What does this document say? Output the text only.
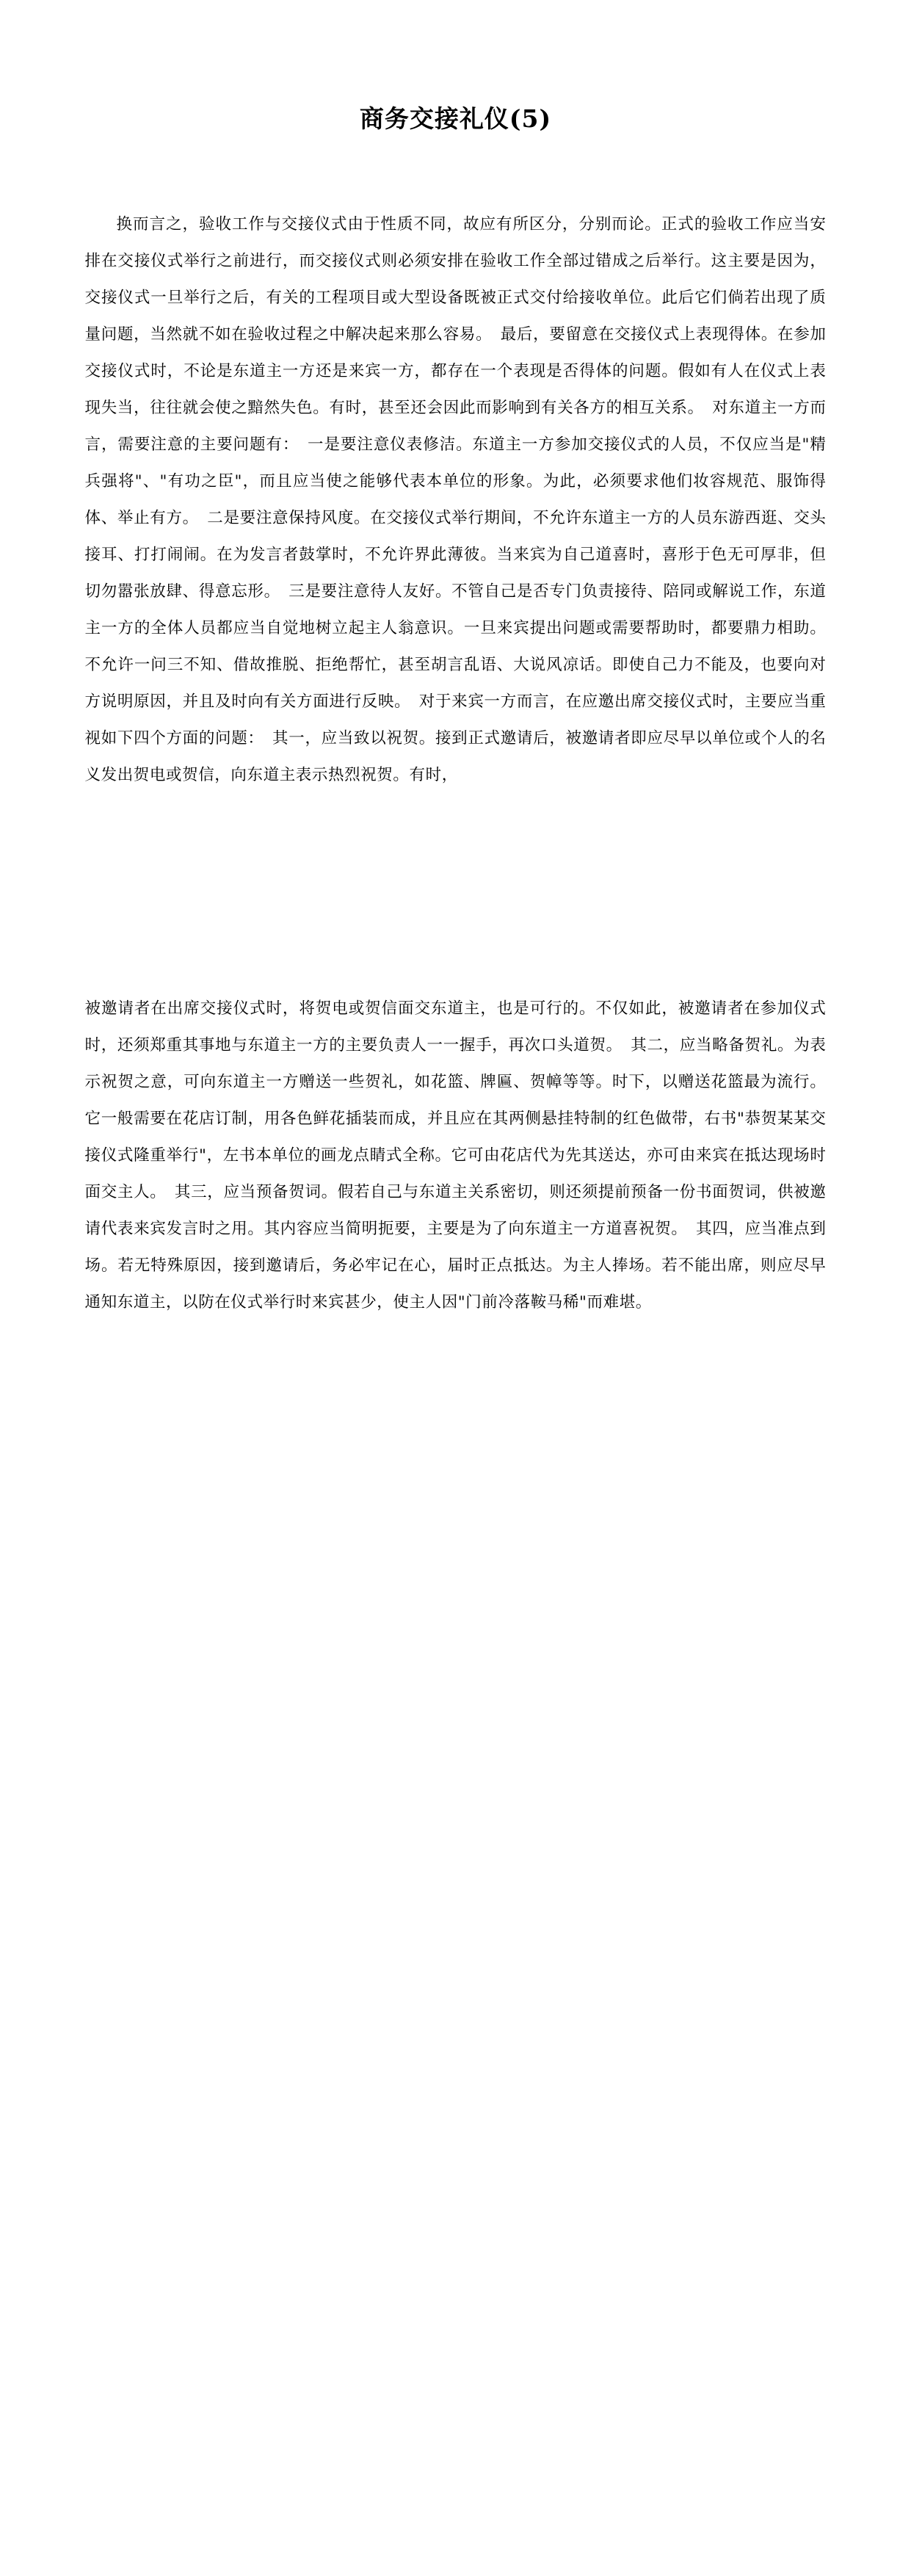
商务交接礼仪(5)

换而言之，验收工作与交接仪式由于性质不同，故应有所区分，分别而论。正式的验收工作应当安排在交接仪式举行之前进行，而交接仪式则必须安排在验收工作全部过错成之后举行。这主要是因为，交接仪式一旦举行之后，有关的工程项目或大型设备既被正式交付给接收单位。此后它们倘若出现了质量问题，当然就不如在验收过程之中解决起来那么容易。　最后，要留意在交接仪式上表现得体。在参加交接仪式时，不论是东道主一方还是来宾一方，都存在一个表现是否得体的问题。假如有人在仪式上表现失当，往往就会使之黯然失色。有时，甚至还会因此而影响到有关各方的相互关系。　对东道主一方而言，需要注意的主要问题有：　一是要注意仪表修洁。东道主一方参加交接仪式的人员，不仅应当是"精兵强将"、"有功之臣"，而且应当使之能够代表本单位的形象。为此，必须要求他们妆容规范、服饰得体、举止有方。　二是要注意保持风度。在交接仪式举行期间，不允许东道主一方的人员东游西逛、交头接耳、打打闹闹。在为发言者鼓掌时，不允许界此薄彼。当来宾为自己道喜时，喜形于色无可厚非，但切勿嚣张放肆、得意忘形。　三是要注意待人友好。不管自己是否专门负责接待、陪同或解说工作，东道主一方的全体人员都应当自觉地树立起主人翁意识。一旦来宾提出问题或需要帮助时，都要鼎力相助。不允许一问三不知、借故推脱、拒绝帮忙，甚至胡言乱语、大说风凉话。即使自己力不能及，也要向对方说明原因，并且及时向有关方面进行反映。　对于来宾一方而言，在应邀出席交接仪式时，主要应当重视如下四个方面的问题：　其一，应当致以祝贺。接到正式邀请后，被邀请者即应尽早以单位或个人的名义发出贺电或贺信，向东道主表示热烈祝贺。有时，

被邀请者在出席交接仪式时，将贺电或贺信面交东道主，也是可行的。不仅如此，被邀请者在参加仪式时，还须郑重其事地与东道主一方的主要负责人一一握手，再次口头道贺。　其二，应当略备贺礼。为表示祝贺之意，可向东道主一方赠送一些贺礼，如花篮、牌匾、贺幛等等。时下，以赠送花篮最为流行。它一般需要在花店订制，用各色鲜花插装而成，并且应在其两侧悬挂特制的红色做带，右书"恭贺某某交接仪式隆重举行"，左书本单位的画龙点睛式全称。它可由花店代为先其送达，亦可由来宾在抵达现场时面交主人。　其三，应当预备贺词。假若自己与东道主关系密切，则还须提前预备一份书面贺词，供被邀请代表来宾发言时之用。其内容应当简明扼要，主要是为了向东道主一方道喜祝贺。　其四，应当准点到场。若无特殊原因，接到邀请后，务必牢记在心，届时正点抵达。为主人捧场。若不能出席，则应尽早通知东道主，以防在仪式举行时来宾甚少，使主人因"门前冷落鞍马稀"而难堪。
